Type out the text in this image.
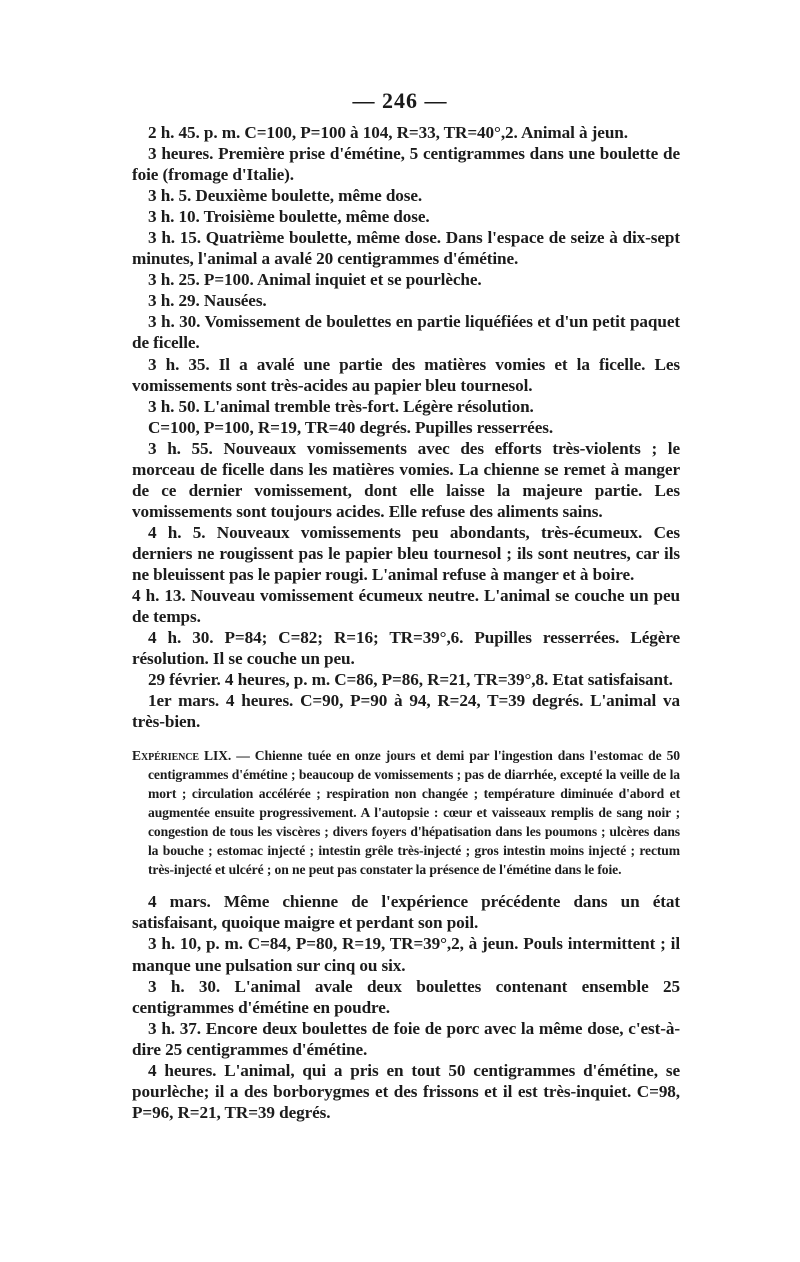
— 246 —

2 h. 45. p. m. C=100, P=100 à 104, R=33, TR=40°,2. Animal à jeun.

3 heures. Première prise d'émétine, 5 centigrammes dans une boulette de foie (fromage d'Italie).

3 h. 5. Deuxième boulette, même dose.

3 h. 10. Troisième boulette, même dose.

3 h. 15. Quatrième boulette, même dose. Dans l'espace de seize à dix-sept minutes, l'animal a avalé 20 centigrammes d'émétine.

3 h. 25. P=100. Animal inquiet et se pourlèche.

3 h. 29. Nausées.

3 h. 30. Vomissement de boulettes en partie liquéfiées et d'un petit paquet de ficelle.

3 h. 35. Il a avalé une partie des matières vomies et la ficelle. Les vomissements sont très-acides au papier bleu tournesol.

3 h. 50. L'animal tremble très-fort. Légère résolution.

C=100, P=100, R=19, TR=40 degrés. Pupilles resserrées.

3 h. 55. Nouveaux vomissements avec des efforts très-violents ; le morceau de ficelle dans les matières vomies. La chienne se remet à manger de ce dernier vomissement, dont elle laisse la majeure partie. Les vomissements sont toujours acides. Elle refuse des aliments sains.

4 h. 5. Nouveaux vomissements peu abondants, très-écumeux. Ces derniers ne rougissent pas le papier bleu tournesol ; ils sont neutres, car ils ne bleuissent pas le papier rougi. L'animal refuse à manger et à boire.

4 h. 13. Nouveau vomissement écumeux neutre. L'animal se couche un peu de temps.

4 h. 30. P=84; C=82; R=16; TR=39°,6. Pupilles resserrées. Légère résolution. Il se couche un peu.

29 février. 4 heures, p. m. C=86, P=86, R=21, TR=39°,8. Etat satisfaisant.

1er mars. 4 heures. C=90, P=90 à 94, R=24, T=39 degrés. L'animal va très-bien.

Expérience LIX. — Chienne tuée en onze jours et demi par l'ingestion dans l'estomac de 50 centigrammes d'émétine ; beaucoup de vomissements ; pas de diarrhée, excepté la veille de la mort ; circulation accélérée ; respiration non changée ; température diminuée d'abord et augmentée ensuite progressivement. A l'autopsie : cœur et vaisseaux remplis de sang noir ; congestion de tous les viscères ; divers foyers d'hépatisation dans les poumons ; ulcères dans la bouche ; estomac injecté ; intestin grêle très-injecté ; gros intestin moins injecté ; rectum très-injecté et ulcéré ; on ne peut pas constater la présence de l'émétine dans le foie.

4 mars. Même chienne de l'expérience précédente dans un état satisfaisant, quoique maigre et perdant son poil.

3 h. 10, p. m. C=84, P=80, R=19, TR=39°,2, à jeun. Pouls intermittent ; il manque une pulsation sur cinq ou six.

3 h. 30. L'animal avale deux boulettes contenant ensemble 25 centigrammes d'émétine en poudre.

3 h. 37. Encore deux boulettes de foie de porc avec la même dose, c'est-à-dire 25 centigrammes d'émétine.

4 heures. L'animal, qui a pris en tout 50 centigrammes d'émétine, se pourlèche; il a des borborygmes et des frissons et il est très-inquiet. C=98, P=96, R=21, TR=39 degrés.
